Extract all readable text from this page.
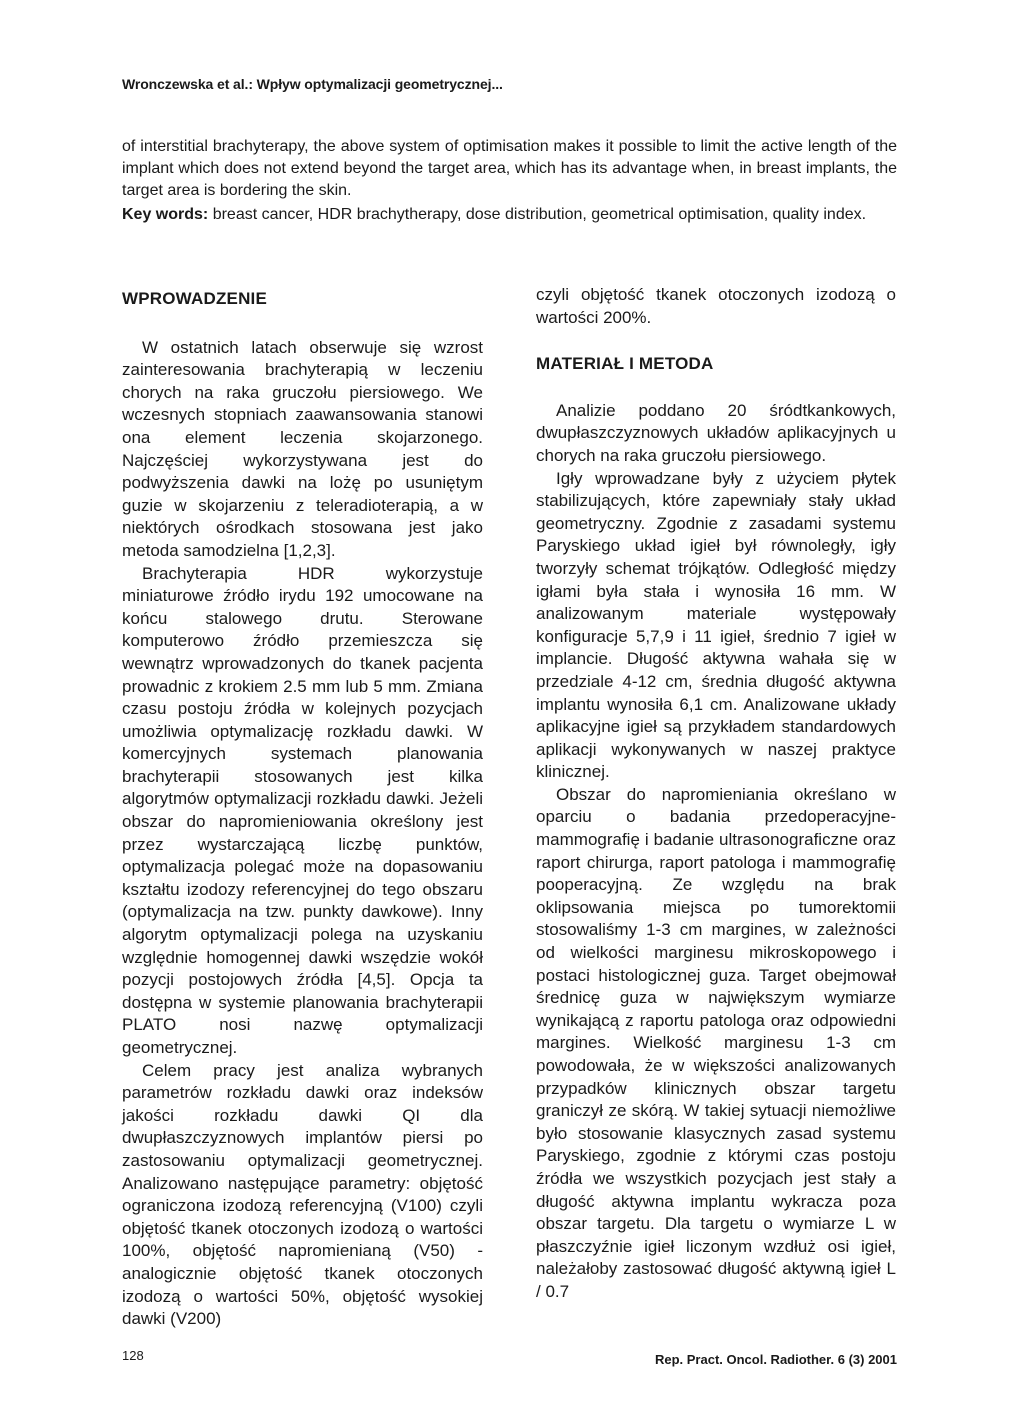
Wronczewska et al.: Wpływ optymalizacji geometrycznej...

of interstitial brachyterapy, the above system of optimisation makes it possible to limit the active length of the implant which does not extend beyond the target area, which has its advantage when, in breast implants, the target area is bordering the skin.

Key words: breast cancer, HDR brachytherapy, dose distribution, geometrical optimisation, quality index.
WPROWADZENIE

W ostatnich latach obserwuje się wzrost zainteresowania brachyterapią w leczeniu chorych na raka gruczołu piersiowego. We wczesnych stopniach zaawansowania stanowi ona element leczenia skojarzonego. Najczęściej wykorzystywana jest do podwyższenia dawki na lożę po usuniętym guzie w skojarzeniu z teleradioterapią, a w niektórych ośrodkach stosowana jest jako metoda samodzielna [1,2,3].

Brachyterapia HDR wykorzystuje miniaturowe źródło irydu 192 umocowane na końcu stalowego drutu. Sterowane komputerowo źródło przemieszcza się wewnątrz wprowadzonych do tkanek pacjenta prowadnic z krokiem 2.5 mm lub 5 mm. Zmiana czasu postoju źródła w kolejnych pozycjach umożliwia optymalizację rozkładu dawki. W komercyjnych systemach planowania brachyterapii stosowanych jest kilka algorytmów optymalizacji rozkładu dawki. Jeżeli obszar do napromieniowania określony jest przez wystarczającą liczbę punktów, optymalizacja polegać może na dopasowaniu kształtu izodozy referencyjnej do tego obszaru (optymalizacja na tzw. punkty dawkowe). Inny algorytm optymalizacji polega na uzyskaniu względnie homogennej dawki wszędzie wokół pozycji postojowych źródła [4,5]. Opcja ta dostępna w systemie planowania brachyterapii PLATO nosi nazwę optymalizacji geometrycznej.

Celem pracy jest analiza wybranych parametrów rozkładu dawki oraz indeksów jakości rozkładu dawki QI dla dwupłaszczyznowych implantów piersi po zastosowaniu optymalizacji geometrycznej. Analizowano następujące parametry: objętość ograniczona izodozą referencyjną (V100) czyli objętość tkanek otoczonych izodozą o wartości 100%, objętość napromienianą (V50) - analogicznie objętość tkanek otoczonych izodozą o wartości 50%, objętość wysokiej dawki (V200)

czyli objętość tkanek otoczonych izodozą o wartości 200%.

MATERIAŁ I METODA

Analizie poddano 20 śródtkankowych, dwupłaszczyznowych układów aplikacyjnych u chorych na raka gruczołu piersiowego.

Igły wprowadzane były z użyciem płytek stabilizujących, które zapewniały stały układ geometryczny. Zgodnie z zasadami systemu Paryskiego układ igieł był równoległy, igły tworzyły schemat trójkątów. Odległość między igłami była stała i wynosiła 16 mm. W analizowanym materiale występowały konfiguracje 5,7,9 i 11 igieł, średnio 7 igieł w implancie. Długość aktywna wahała się w przedziale 4-12 cm, średnia długość aktywna implantu wynosiła 6,1 cm. Analizowane układy aplikacyjne igieł są przykładem standardowych aplikacji wykonywanych w naszej praktyce klinicznej.

Obszar do napromieniania określano w oparciu o badania przedoperacyjne-mammografię i badanie ultrasonograficzne oraz raport chirurga, raport patologa i mammografię pooperacyjną. Ze względu na brak oklipsowania miejsca po tumorektomii stosowaliśmy 1-3 cm margines, w zależności od wielkości marginesu mikroskopowego i postaci histologicznej guza. Target obejmował średnicę guza w największym wymiarze wynikającą z raportu patologa oraz odpowiedni margines. Wielkość marginesu 1-3 cm powodowała, że w większości analizowanych przypadków klinicznych obszar targetu graniczył ze skórą. W takiej sytuacji niemożliwe było stosowanie klasycznych zasad systemu Paryskiego, zgodnie z którymi czas postoju źródła we wszystkich pozycjach jest stały a długość aktywna implantu wykracza poza obszar targetu. Dla targetu o wymiarze L w płaszczyźnie igieł liczonym wzdłuż osi igieł, należałoby zastosować długość aktywną igieł L / 0.7

128	Rep. Pract. Oncol. Radiother. 6 (3) 2001
